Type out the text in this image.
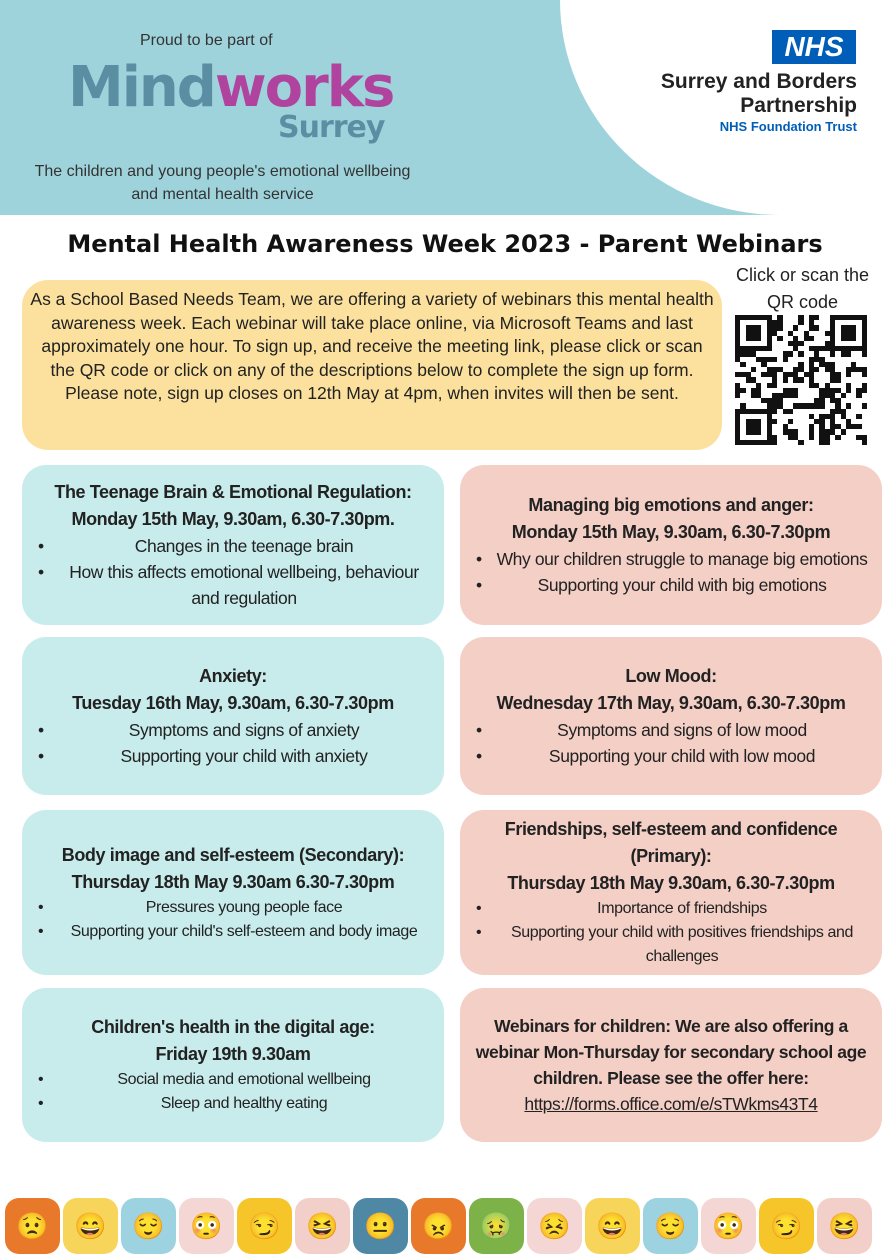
Proud to be part of
Mindworks
Surrey
The children and young people's emotional wellbeing and mental health service
NHS
Surrey and Borders
Partnership
NHS Foundation Trust
Mental Health Awareness Week 2023 - Parent Webinars
As a School Based Needs Team, we are offering a variety of webinars this mental health awareness week. Each webinar will take place online, via Microsoft Teams and last approximately one hour. To sign up, and receive the meeting link, please click or scan the QR code or click on any of the descriptions below to complete the sign up form. Please note, sign up closes on 12th May at 4pm, when invites will then be sent.
Click or scan the QR code
The Teenage Brain & Emotional Regulation:
Monday 15th May, 9.30am, 6.30-7.30pm.
•	Changes in the teenage brain
•	How this affects emotional wellbeing, behaviour and regulation
Managing big emotions and anger:
Monday 15th May, 9.30am, 6.30-7.30pm
• Why our children struggle to manage big emotions
•	Supporting your child with big emotions
Anxiety:
Tuesday 16th May, 9.30am, 6.30-7.30pm
•	Symptoms and signs of anxiety
•	Supporting your child with anxiety
Low Mood:
Wednesday 17th May, 9.30am, 6.30-7.30pm
•	Symptoms and signs of low mood
•	Supporting your child with low mood
Body image and self-esteem (Secondary):
Thursday 18th May 9.30am 6.30-7.30pm
•	Pressures young people face
•	Supporting your child's self-esteem and body image
Friendships, self-esteem and confidence (Primary):
Thursday 18th May 9.30am, 6.30-7.30pm
•	Importance of friendships
•	Supporting your child with positives friendships and challenges
Children's health in the digital age:
Friday 19th 9.30am
•	Social media and emotional wellbeing
•	Sleep and healthy eating
Webinars for children: We are also offering a webinar Mon-Thursday for secondary school age children. Please see the offer here:
https://forms.office.com/e/sTWkms43T4
😟 😄 😌 😳 😏 😆 😐 😠 🤢 😣 😄 😌 😳 😏 😆
